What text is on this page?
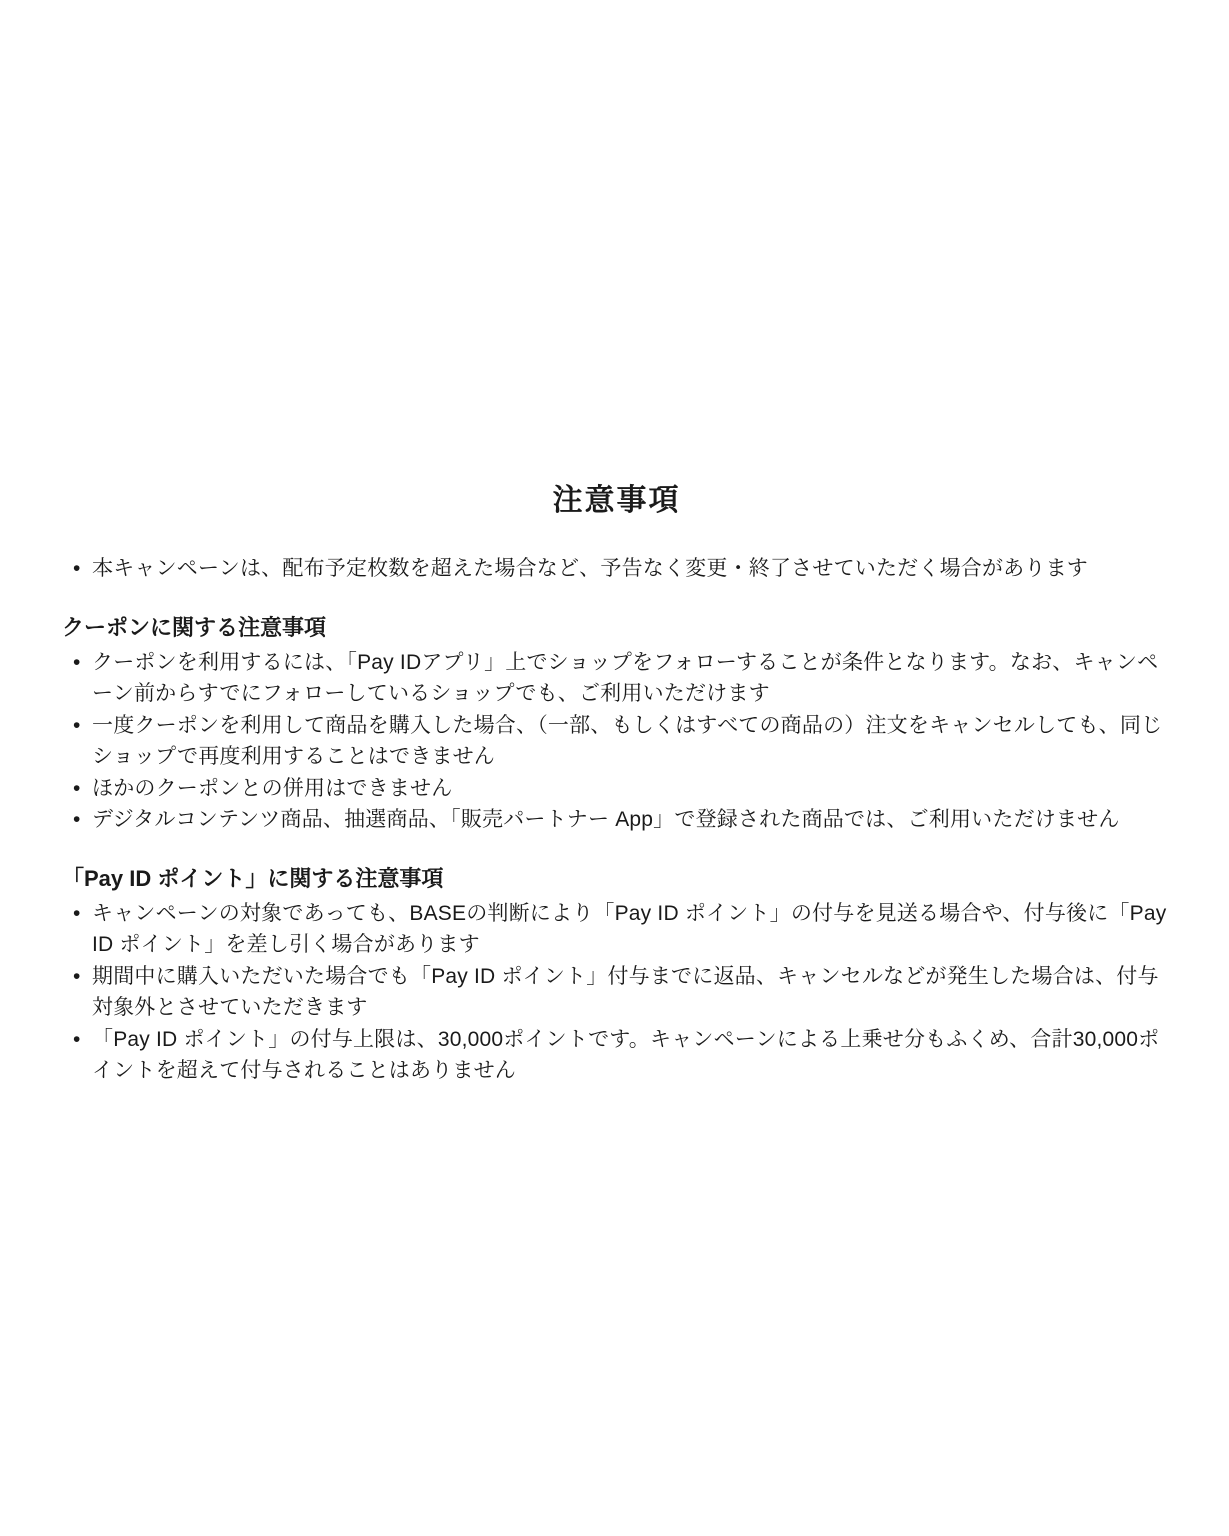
注意事項
• 本キャンペーンは、配布予定枚数を超えた場合など、予告なく変更・終了させていただく場合があります
クーポンに関する注意事項
• クーポンを利用するには、「Pay IDアプリ」上でショップをフォローすることが条件となります。なお、キャンペーン前からすでにフォローしているショップでも、ご利用いただけます
• 一度クーポンを利用して商品を購入した場合、（一部、もしくはすべての商品の）注文をキャンセルしても、同じショップで再度利用することはできません
• ほかのクーポンとの併用はできません
• デジタルコンテンツ商品、抽選商品、「販売パートナー App」で登録された商品では、ご利用いただけません
「Pay ID ポイント」に関する注意事項
• キャンペーンの対象であっても、BASEの判断により「Pay ID ポイント」の付与を見送る場合や、付与後に「Pay ID ポイント」を差し引く場合があります
• 期間中に購入いただいた場合でも「Pay ID ポイント」付与までに返品、キャンセルなどが発生した場合は、付与対象外とさせていただきます
• 「Pay ID ポイント」の付与上限は、30,000ポイントです。キャンペーンによる上乗せ分もふくめ、合計30,000ポイントを超えて付与されることはありません
